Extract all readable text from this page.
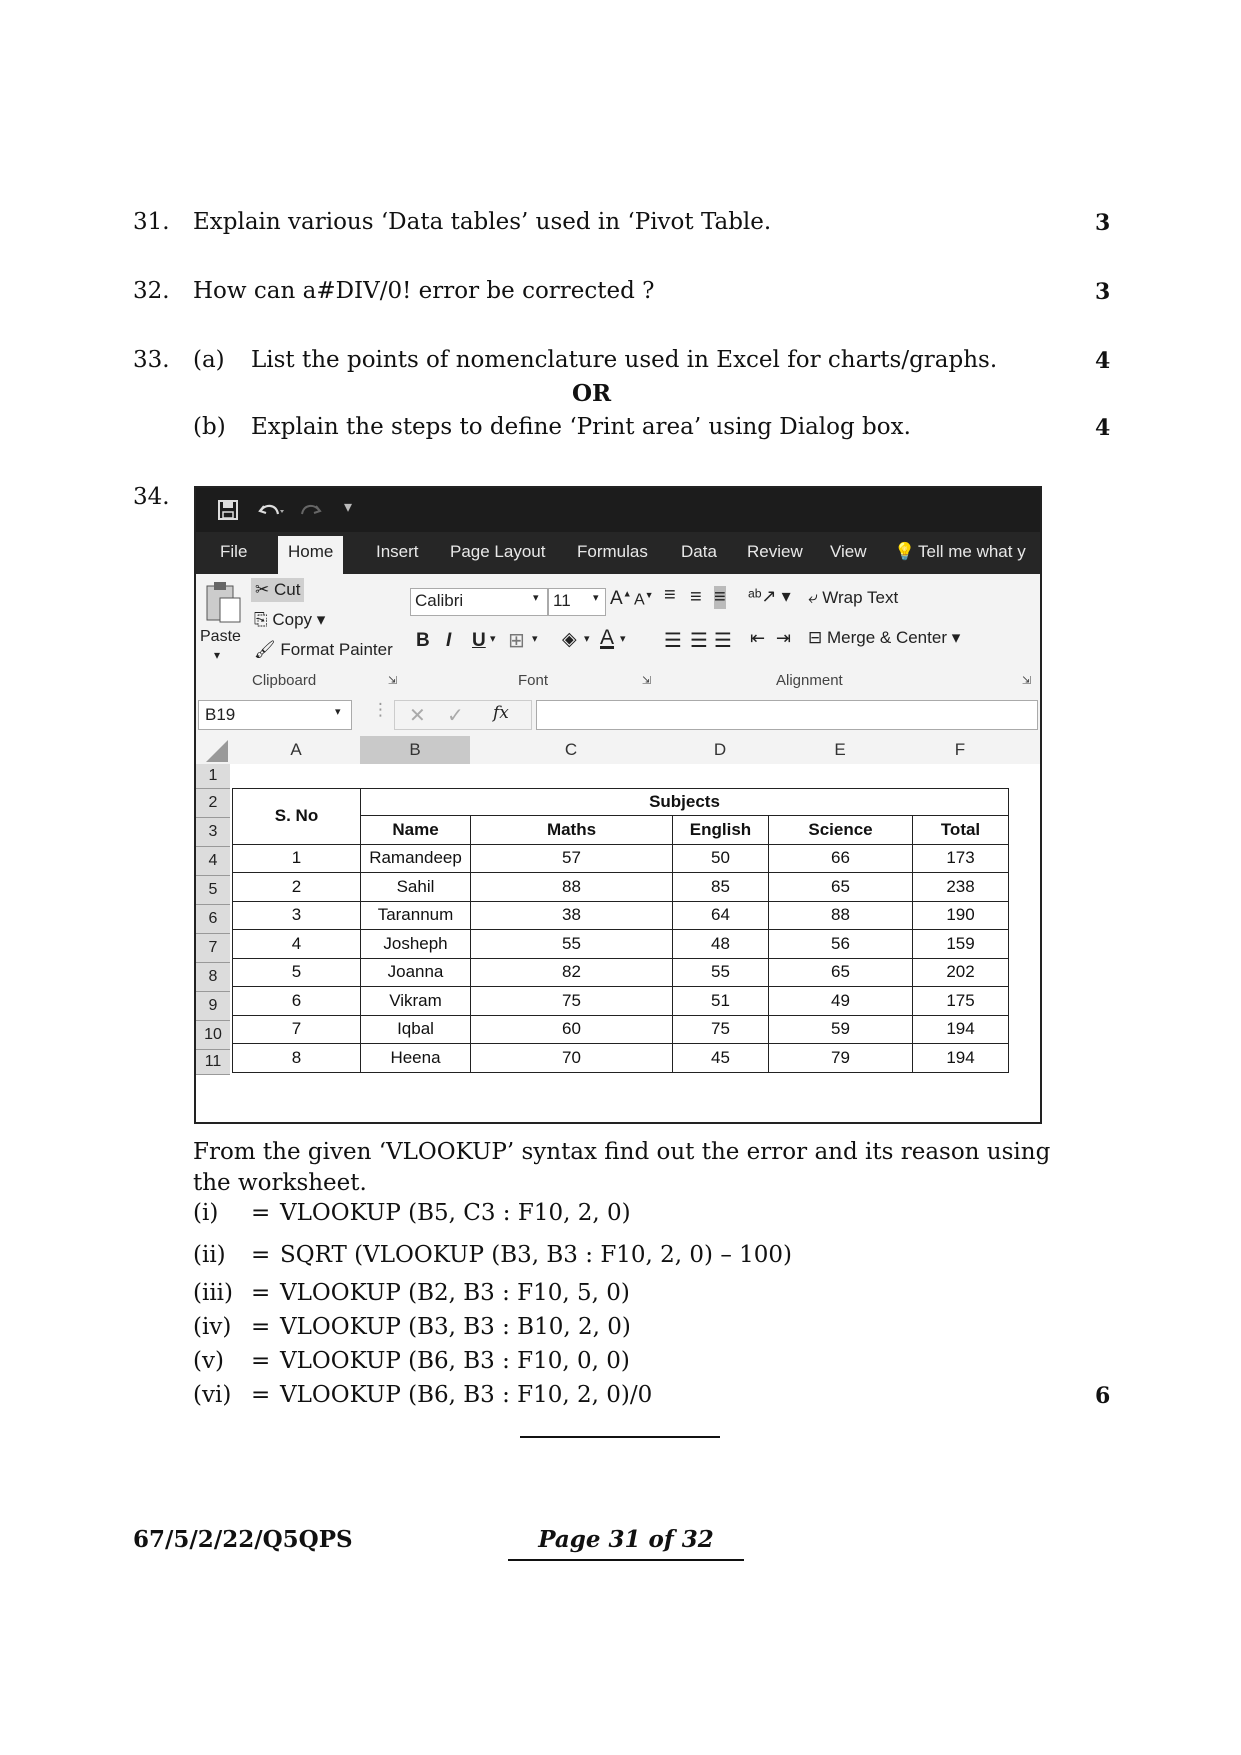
31. Explain various ‘Data tables’ used in ‘Pivot Table.	3
32. How can a#DIV/0! error be corrected ?	3
33. (a) List the points of nomenclature used in Excel for charts/graphs.	4
OR
(b) Explain the steps to define ‘Print area’ using Dialog box.	4
34.	▾
File	Home	Insert Page Layout Formulas Data Review View 💡 Tell me what y
Paste
▾
✂ Cut
⎘ Copy ▾
🖌 Format Painter
Clipboard	⇲
Calibri	▾ 11 ▾ A▲ A▼
B I U ▾ ⊞ ▾ ◈ ▾ A ▾
Font	⇲
≡ ≡ ≡ ᵃᵇ↗ ▾
☰ ☰ ☰ ⇤ ⇥
⤶ Wrap Text
⊟ Merge & Center ▾
Alignment	⇲
B19	▾ ⋮ ✕ ✓ fx
A	B	C	D	E	F
1
2
3
4
5
6
7
8
9
10
11
S. No	Subjects				
	Name	Maths	English	Science	Total
1	Ramandeep	57	50	66	173
2	Sahil	88	85	65	238
3	Tarannum	38	64	88	190
4	Josheph	55	48	56	159
5	Joanna	82	55	65	202
6	Vikram	75	51	49	175
7	Iqbal	60	75	59	194
8	Heena	70	45	79	194
From the given ‘VLOOKUP’ syntax find out the error and its reason using the worksheet.
(i) = VLOOKUP (B5, C3 : F10, 2, 0)
(ii) = SQRT (VLOOKUP (B3, B3 : F10, 2, 0) – 100)
(iii) = VLOOKUP (B2, B3 : F10, 5, 0)
(iv) = VLOOKUP (B3, B3 : B10, 2, 0)
(v) = VLOOKUP (B6, B3 : F10, 0, 0)
(vi) = VLOOKUP (B6, B3 : F10, 2, 0)/0	6
67/5/2/22/Q5QPS	Page 31 of 32
